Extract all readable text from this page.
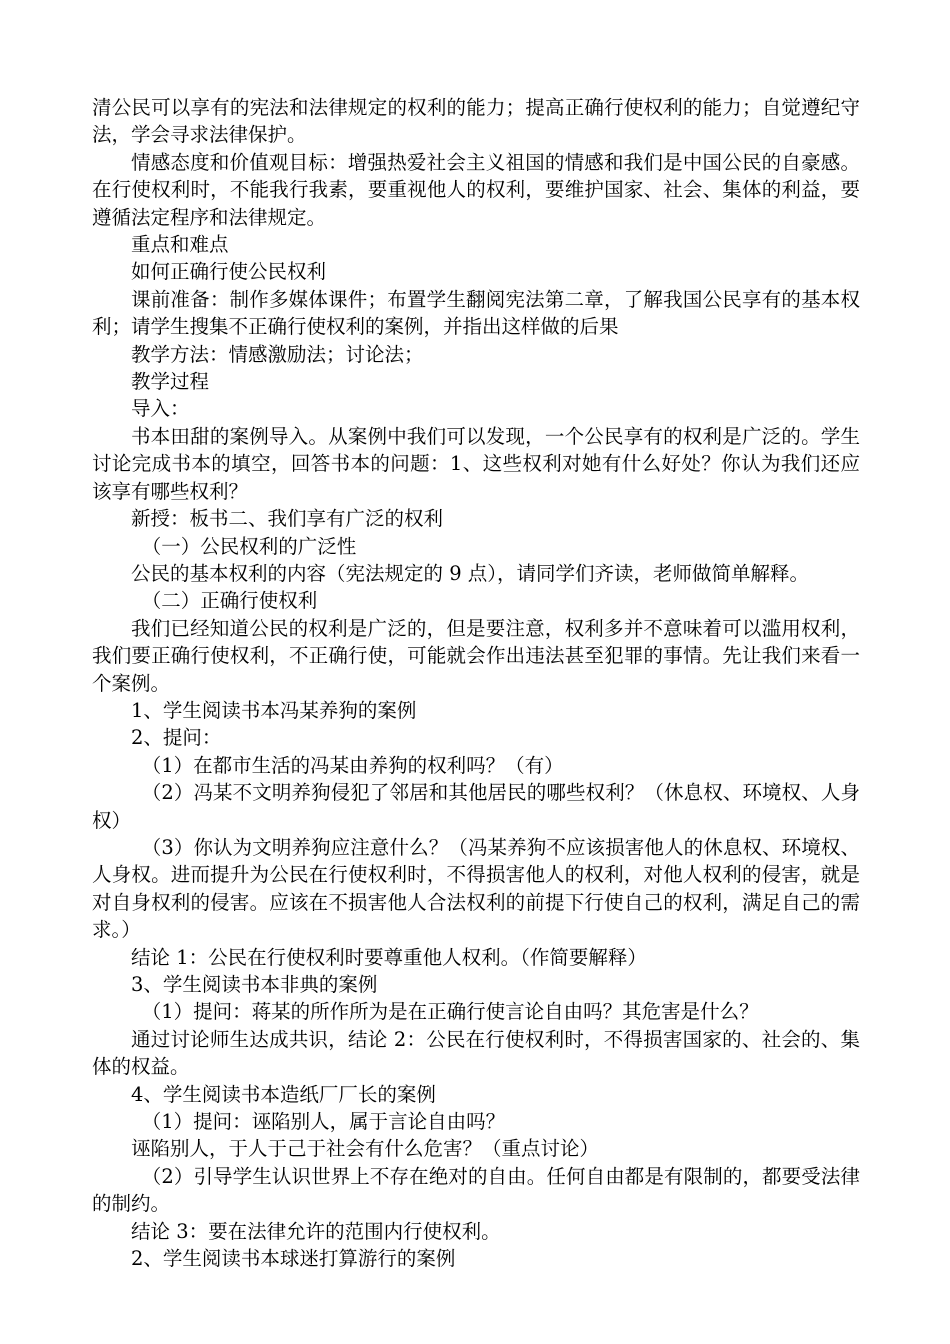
清公民可以享有的宪法和法律规定的权利的能力；提高正确行使权利的能力；自觉遵纪守法，学会寻求法律保护。

情感态度和价值观目标：增强热爱社会主义祖国的情感和我们是中国公民的自豪感。在行使权利时，不能我行我素，要重视他人的权利，要维护国家、社会、集体的利益，要遵循法定程序和法律规定。

重点和难点

如何正确行使公民权利

课前准备：制作多媒体课件；布置学生翻阅宪法第二章，了解我国公民享有的基本权利；请学生搜集不正确行使权利的案例，并指出这样做的后果

教学方法：情感激励法；讨论法；

教学过程

导入：

书本田甜的案例导入。从案例中我们可以发现，一个公民享有的权利是广泛的。学生讨论完成书本的填空，回答书本的问题：1、这些权利对她有什么好处？你认为我们还应该享有哪些权利？

新授：板书二、我们享有广泛的权利

（一）公民权利的广泛性

公民的基本权利的内容（宪法规定的 9 点），请同学们齐读，老师做简单解释。

（二）正确行使权利

我们已经知道公民的权利是广泛的，但是要注意，权利多并不意味着可以滥用权利，我们要正确行使权利，不正确行使，可能就会作出违法甚至犯罪的事情。先让我们来看一个案例。

1、学生阅读书本冯某养狗的案例

2、提问：

（1）在都市生活的冯某由养狗的权利吗？（有）

（2）冯某不文明养狗侵犯了邻居和其他居民的哪些权利？（休息权、环境权、人身权）

（3）你认为文明养狗应注意什么？（冯某养狗不应该损害他人的休息权、环境权、人身权。进而提升为公民在行使权利时，不得损害他人的权利，对他人权利的侵害，就是对自身权利的侵害。应该在不损害他人合法权利的前提下行使自己的权利，满足自己的需求。）

结论 1：公民在行使权利时要尊重他人权利。（作简要解释）

3、学生阅读书本非典的案例

（1）提问：蒋某的所作所为是在正确行使言论自由吗？其危害是什么？

通过讨论师生达成共识，结论 2：公民在行使权利时，不得损害国家的、社会的、集体的权益。

4、学生阅读书本造纸厂厂长的案例

（1）提问：诬陷别人，属于言论自由吗？

诬陷别人，于人于己于社会有什么危害？（重点讨论）

（2）引导学生认识世界上不存在绝对的自由。任何自由都是有限制的，都要受法律的制约。

结论 3：要在法律允许的范围内行使权利。

2、学生阅读书本球迷打算游行的案例
